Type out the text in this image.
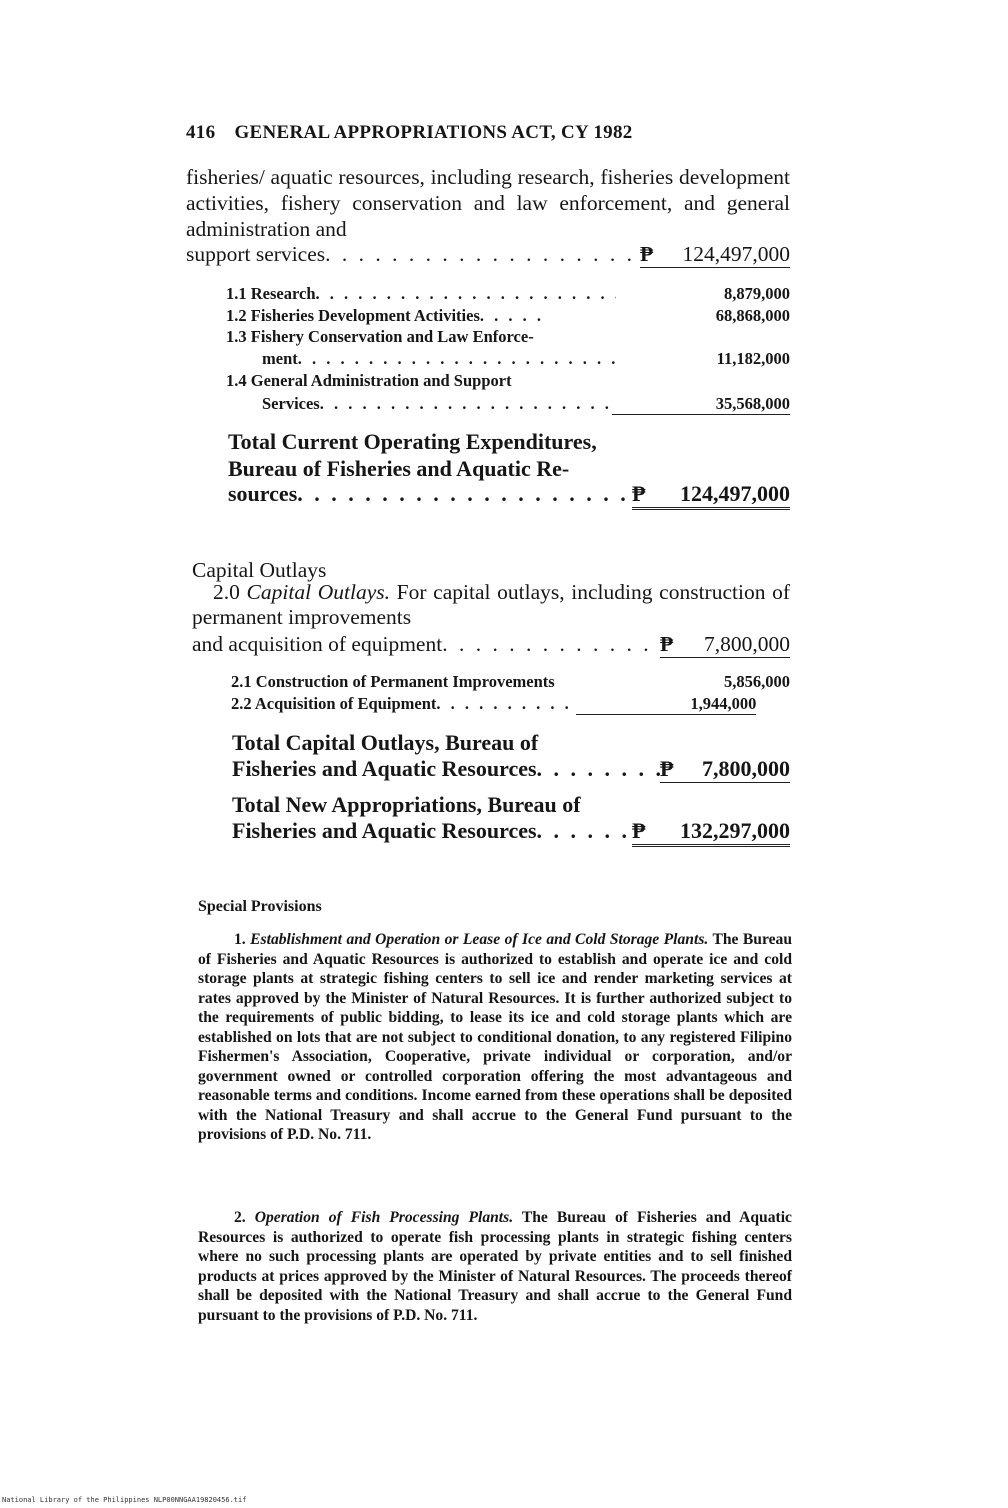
416 GENERAL APPROPRIATIONS ACT, CY 1982

fisheries/ aquatic resources, including research, fisheries development activities, fishery conservation and law enforcement, and general administration and

support services . . .	₱	124,497,000
1.1 Research . . .	8,879,000
1.2 Fisheries Development Activities . . .	68,868,000
1.3 Fishery Conservation and Law Enforce-
ment . . .	11,182,000
1.4 General Administration and Support
Services . . .	35,568,000
Total Current Operating Expenditures,
Bureau of Fisheries and Aquatic Re-
sources . . .	₱	124,497,000
Capital Outlays

2.0 Capital Outlays. For capital outlays, including construction of permanent improvements

and acquisition of equipment . . .	₱	7,800,000
2.1 Construction of Permanent Improvements	5,856,000
2.2 Acquisition of Equipment . . .	1,944,000
Total Capital Outlays, Bureau of
Fisheries and Aquatic Resources . . .	₱	7,800,000
Total New Appropriations, Bureau of
Fisheries and Aquatic Resources . . .	₱	132,297,000
Special Provisions

1. Establishment and Operation or Lease of Ice and Cold Storage Plants. The Bureau of Fisheries and Aquatic Resources is authorized to establish and operate ice and cold storage plants at strategic fishing centers to sell ice and render marketing services at rates approved by the Minister of Natural Resources. It is further authorized subject to the requirements of public bidding, to lease its ice and cold storage plants which are established on lots that are not subject to conditional donation, to any registered Filipino Fishermen's Association, Cooperative, private individual or corporation, and/or government owned or controlled corporation offering the most advantageous and reasonable terms and conditions. Income earned from these operations shall be deposited with the National Treasury and shall accrue to the General Fund pursuant to the provisions of P.D. No. 711.

2. Operation of Fish Processing Plants. The Bureau of Fisheries and Aquatic Resources is authorized to operate fish processing plants in strategic fishing centers where no such processing plants are operated by private entities and to sell finished products at prices approved by the Minister of Natural Resources. The proceeds thereof shall be deposited with the National Treasury and shall accrue to the General Fund pursuant to the provisions of P.D. No. 711.

National Library of the Philippines NLP00NNGAA19820456.tif
